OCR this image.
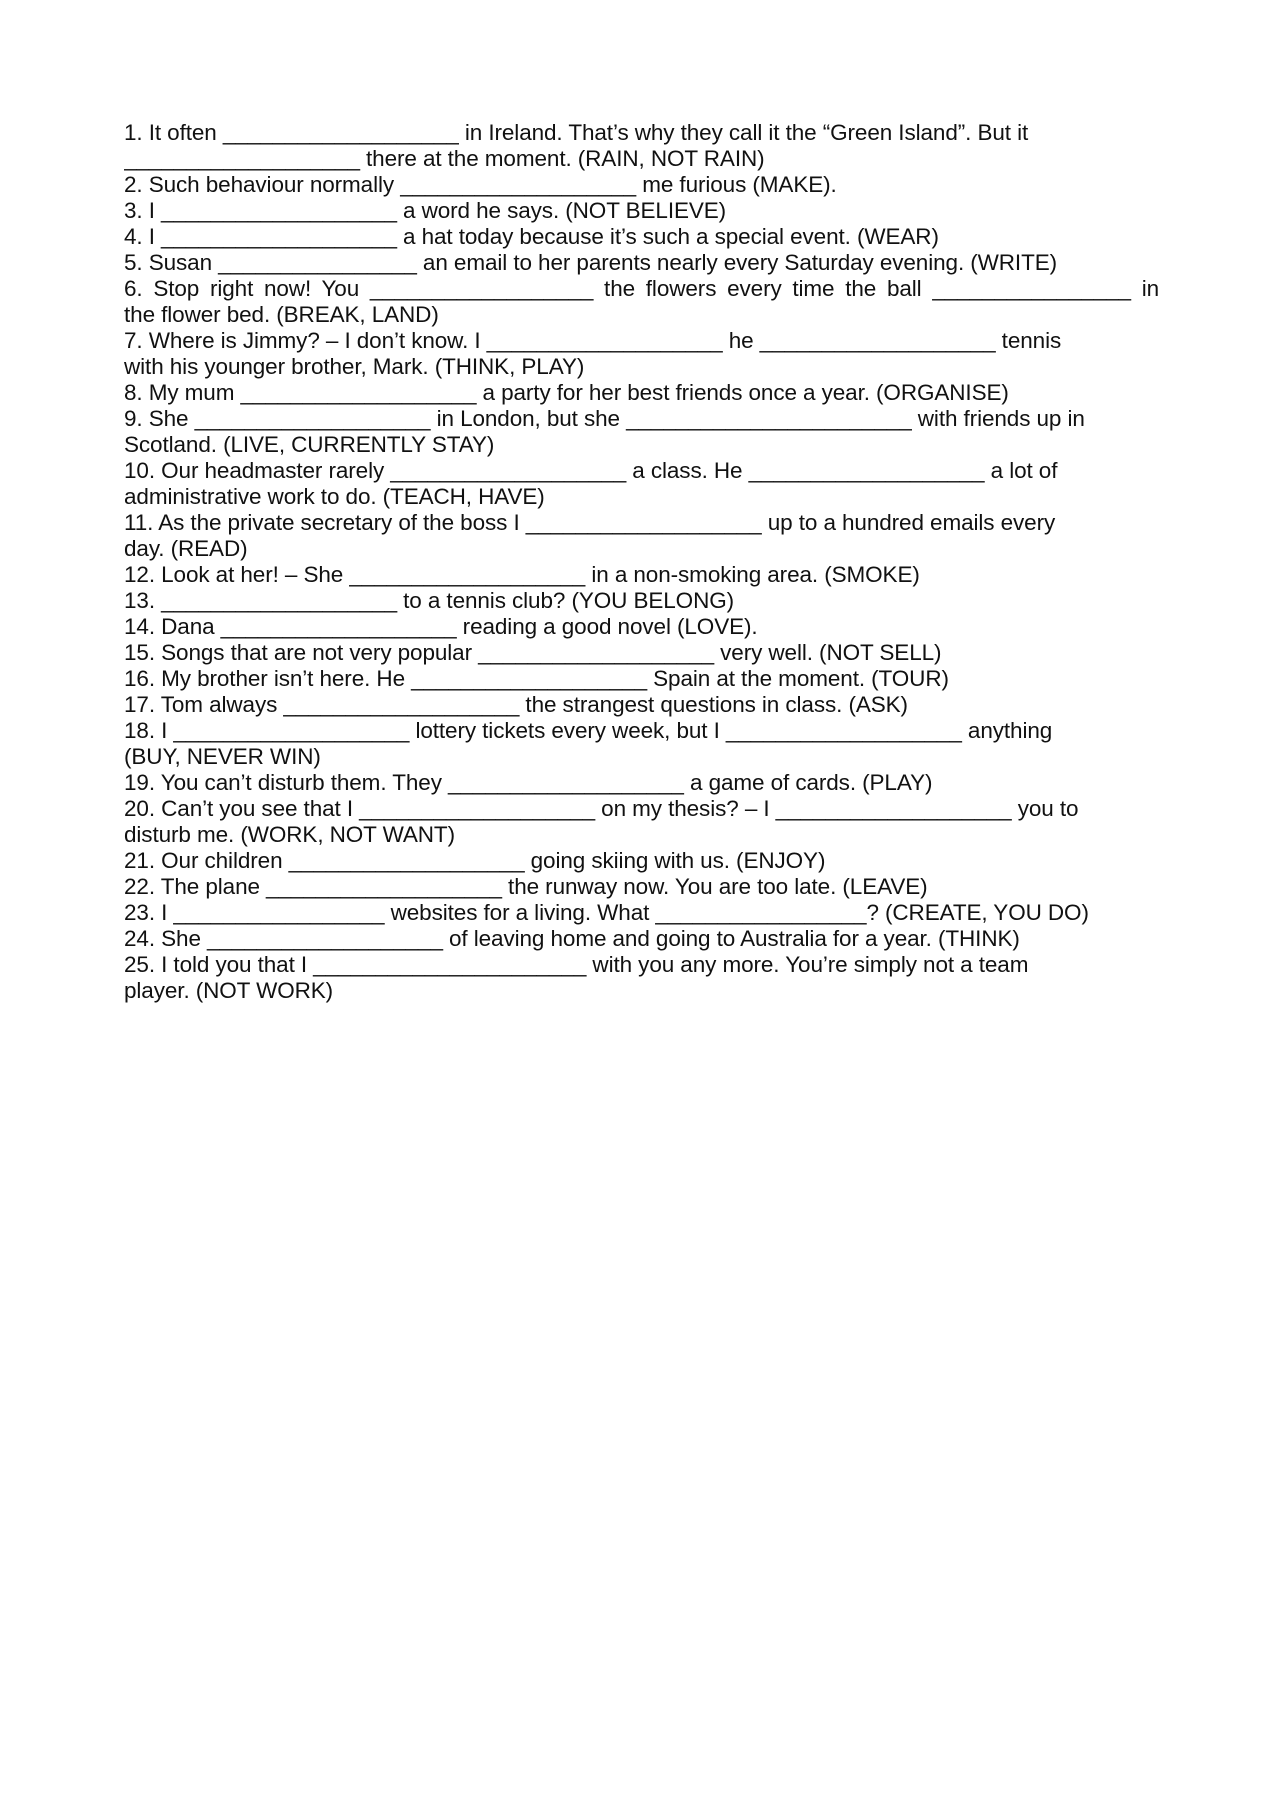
1. It often ___________________ in Ireland. That’s why they call it the “Green Island”. But it
___________________ there at the moment. (RAIN, NOT RAIN)
2. Such behaviour normally ___________________ me furious (MAKE).
3. I ___________________ a word he says. (NOT BELIEVE)
4. I ___________________ a hat today because it’s such a special event. (WEAR)
5. Susan ________________ an email to her parents nearly every Saturday evening. (WRITE)
6. Stop right now! You __________________ the flowers every time the ball ________________ in
the flower bed. (BREAK, LAND)
7. Where is Jimmy? – I don’t know. I ___________________ he ___________________ tennis
with his younger brother, Mark. (THINK, PLAY)
8. My mum ___________________ a party for her best friends once a year. (ORGANISE)
9. She ___________________ in London, but she _______________________ with friends up in
Scotland. (LIVE, CURRENTLY STAY)
10. Our headmaster rarely ___________________ a class. He ___________________ a lot of
administrative work to do. (TEACH, HAVE)
11. As the private secretary of the boss I ___________________ up to a hundred emails every
day. (READ)
12. Look at her! – She ___________________ in a non-smoking area. (SMOKE)
13. ___________________ to a tennis club? (YOU BELONG)
14. Dana ___________________ reading a good novel (LOVE).
15. Songs that are not very popular ___________________ very well. (NOT SELL)
16. My brother isn’t here. He ___________________ Spain at the moment. (TOUR)
17. Tom always ___________________ the strangest questions in class. (ASK)
18. I ___________________ lottery tickets every week, but I ___________________ anything
(BUY, NEVER WIN)
19. You can’t disturb them. They ___________________ a game of cards. (PLAY)
20. Can’t you see that I ___________________ on my thesis? – I ___________________ you to
disturb me. (WORK, NOT WANT)
21. Our children ___________________ going skiing with us. (ENJOY)
22. The plane ___________________ the runway now. You are too late. (LEAVE)
23. I _________________ websites for a living. What _________________? (CREATE, YOU DO)
24. She ___________________ of leaving home and going to Australia for a year. (THINK)
25. I told you that I ______________________ with you any more. You’re simply not a team
player. (NOT WORK)
